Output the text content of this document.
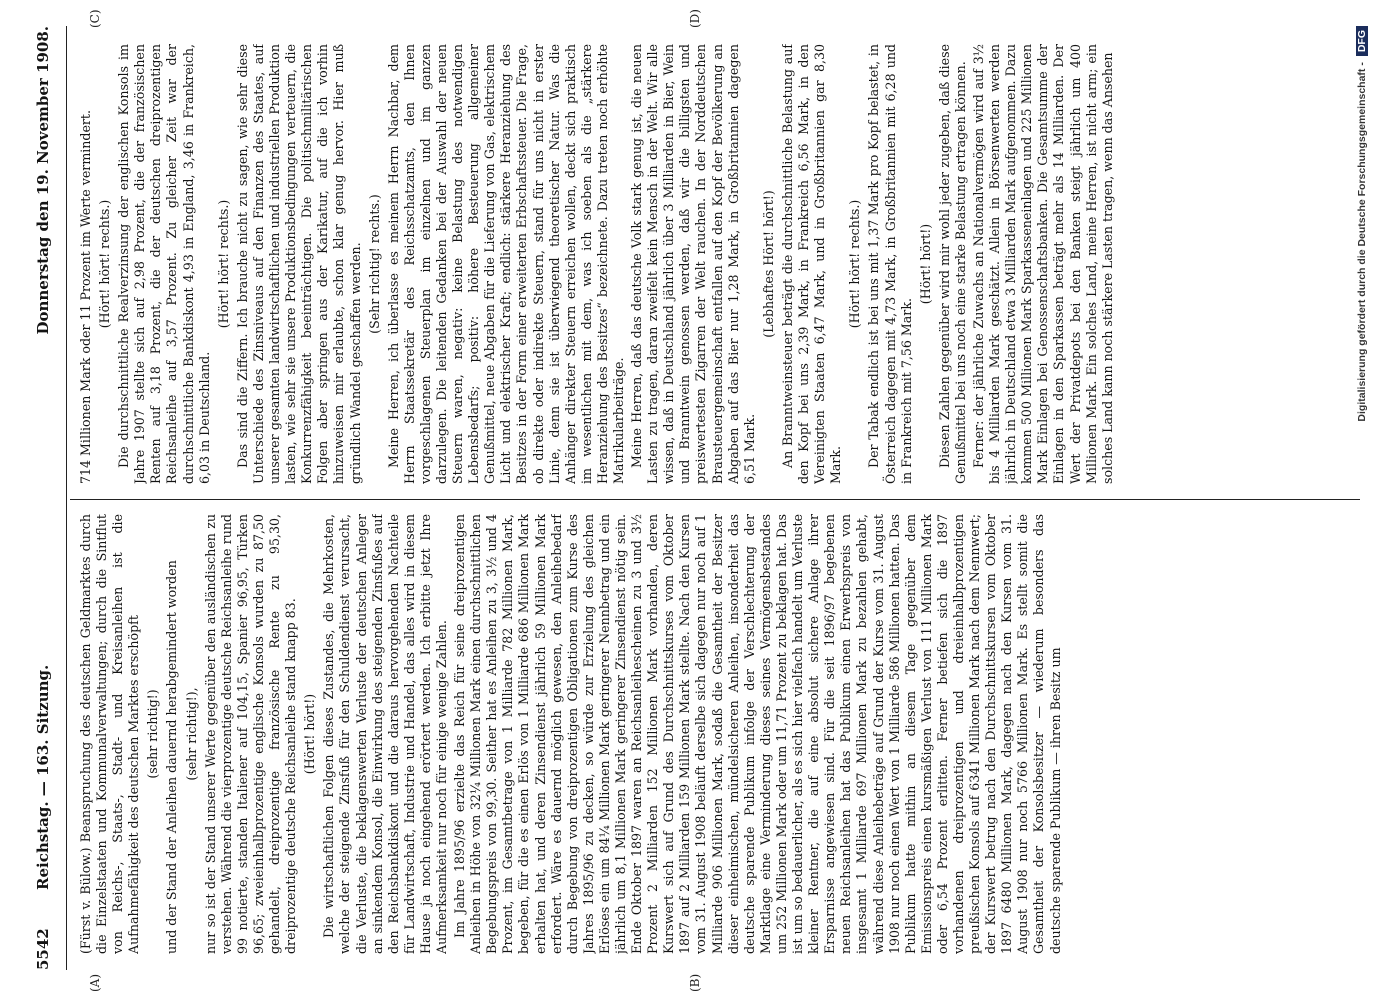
5542
Reichstag. — 163. Sitzung.
Donnerstag den 19. November 1908.
(A)	(B)
(C)	(D)

(Fürst v. Bülow.) Beanspruchung des deutschen Geldmarktes durch die Einzelstaaten und Kommunalverwaltungen; durch die Sintflut von Reichs-, Staats-, Stadt- und Kreisanleihen ist die Aufnahmefähigkeit des deutschen Marktes erschöpft (sehr richtig!) und der Stand der Anleihen dauernd herabgemindert worden (sehr richtig!), nur so ist der Stand unserer Werte gegenüber den ausländischen zu verstehen. Während die vierprozentige deutsche Reichsanleihe rund 99 notierte, standen Italiener auf 104,15, Spanier 96,95, Türken 96,65; zweieinhalbprozentige englische Konsols wurden zu 87,50 gehandelt, dreiprozentige französische Rente zu 95,30, dreiprozentige deutsche Reichsanleihe stand knapp 83. (Hört! hört!) Die wirtschaftlichen Folgen dieses Zustandes, die Mehrkosten, welche der steigende Zinsfuß für den Schuldendienst verursacht, die Verluste, die beklagenswerten Verluste der deutschen Anleger an sinkendem Konsol, die Einwirkung des steigenden Zinsfußes auf den Reichsbankdiskont und die daraus hervorgehenden Nachteile für Landwirtschaft, Industrie und Handel, das alles wird in diesem Hause ja noch eingehend erörtert werden. Ich erbitte jetzt Ihre Aufmerksamkeit nur noch für einige wenige Zahlen. Im Jahre 1895/96 erzielte das Reich für seine dreiprozentigen Anleihen in Höhe von 32¼ Millionen Mark einen durchschnittlichen Begebungspreis von 99,30. Seither hat es Anleihen zu 3, 3½ und 4 Prozent, im Gesamtbetrage von 1 Milliarde 782 Millionen Mark, begeben, für die es einen Erlös von 1 Milliarde 686 Millionen Mark erhalten hat, und deren Zinsendienst jährlich 59 Millionen Mark erfordert. Wäre es dauernd möglich gewesen, den Anleihebedarf durch Begebung von dreiprozentigen Obligationen zum Kurse des Jahres 1895/96 zu decken, so würde zur Erzielung des gleichen Erlöses ein um 84¼ Millionen Mark geringerer Nennbetrag und ein jährlich um 8,1 Millionen Mark geringerer Zinsendienst nötig sein. Ende Oktober 1897 waren an Reichsanleihescheinen zu 3 und 3½ Prozent 2 Milliarden 152 Millionen Mark vorhanden, deren Kurswert sich auf Grund des Durchschnittskurses vom Oktober 1897 auf 2 Milliarden 159 Millionen Mark stellte. Nach den Kursen vom 31. August 1908 beläuft derselbe sich dagegen nur noch auf 1 Milliarde 906 Millionen Mark, sodaß die Gesamtheit der Besitzer dieser einheimischen, mündelsicheren Anleihen, insonderheit das deutsche sparende Publikum infolge der Verschlechterung der Marktlage eine Verminderung dieses seines Vermögensbestandes um 252 Millionen Mark oder um 11,71 Prozent zu beklagen hat. Das ist um so bedauerlicher, als es sich hier vielfach handelt um Verluste kleiner Rentner, die auf eine absolut sichere Anlage ihrer Ersparnisse angewiesen sind. Für die seit 1896/97 begebenen neuen Reichsanleihen hat das Publikum einen Erwerbspreis von insgesamt 1 Milliarde 697 Millionen Mark zu bezahlen gehabt, während diese Anleihebeträge auf Grund der Kurse vom 31. August 1908 nur noch einen Wert von 1 Milliarde 586 Millionen hatten. Das Publikum hatte mithin an diesem Tage gegenüber dem Emissionspreis einen kursmäßigen Verlust von 111 Millionen Mark oder 6,54 Prozent erlitten. Ferner betiefen sich die 1897 vorhandenen dreiprozentigen und dreieinhalbprozentigen preußischen Konsols auf 6341 Millionen Mark nach dem Nennwert; der Kurswert betrug nach den Durchschnittskursen vom Oktober 1897 6480 Millionen Mark, dagegen nach den Kursen vom 31. August 1908 nur noch 5766 Millionen Mark. Es stellt somit die Gesamtheit der Konsolsbesitzer — wiederum besonders das deutsche sparende Publikum — ihren Besitz um

714 Millionen Mark oder 11 Prozent im Werte vermindert. (Hört! hört! rechts.) Die durchschnittliche Realverzinsung der englischen Konsols im Jahre 1907 stellte sich auf 2,98 Prozent, die der französischen Renten auf 3,18 Prozent, die der deutschen dreiprozentigen Reichsanleihe auf 3,57 Prozent. Zu gleicher Zeit war der durchschnittliche Bankdiskont 4,93 in England, 3,46 in Frankreich, 6,03 in Deutschland.

(Hört! hört! rechts.) Das sind die Ziffern. Ich brauche nicht zu sagen, wie sehr diese Unterschiede des Zinsniveaus auf den Finanzen des Staates, auf unserer gesamten landwirtschaftlichen und industriellen Produktion lasten, wie sehr sie unsere Produktionsbedingungen verteuern, die Konkurrenzfähigkeit beeinträchtigen. Die politischmilitärischen Folgen aber springen aus der Karikatur, auf die ich vorhin hinzuweisen mir erlaubte, schon klar genug hervor. Hier muß gründlich Wandel geschaffen werden. (Sehr richtig! rechts.) Meine Herren, ich überlasse es meinem Herrn Nachbar, dem Herrn Staatssekretär des Reichsschatzamts, den Ihnen vorgeschlagenen Steuerplan im einzelnen und im ganzen darzulegen. Die leitenden Gedanken bei der Auswahl der neuen Steuern waren, negativ: keine Belastung des notwendigen Lebensbedarfs; positiv: höhere Besteuerung allgemeiner Genußmittel, neue Abgaben für die Lieferung von Gas, elektrischem Licht und elektrischer Kraft; endlich: stärkere Heranziehung des Besitzes in der Form einer erweiterten Erbschaftssteuer. Die Frage, ob direkte oder indirekte Steuern, stand für uns nicht in erster Linie, denn sie ist überwiegend theoretischer Natur. Was die Anhänger direkter Steuern erreichen wollen, deckt sich praktisch im wesentlichen mit dem, was ich soeben als die „stärkere Heranziehung des Besitzes“ bezeichnete. Dazu treten noch erhöhte Matrikularbeiträge. Meine Herren, daß das deutsche Volk stark genug ist, die neuen Lasten zu tragen, daran zweifelt kein Mensch in der Welt. Wir alle wissen, daß in Deutschland jährlich über 3 Milliarden in Bier, Wein und Branntwein genossen werden, daß wir die billigsten und preiswertesten Zigarren der Welt rauchen. In der Norddeutschen Brausteuergemeinschaft entfallen auf den Kopf der Bevölkerung an Abgaben auf das Bier nur 1,28 Mark, in Großbritannien dagegen 6,51 Mark.

(Lebhaftes Hört! hört!) An Branntweinsteuer beträgt die durchschnittliche Belastung auf den Kopf bei uns 2,39 Mark, in Frankreich 6,56 Mark, in den Vereinigten Staaten 6,47 Mark, und in Großbritannien gar 8,30 Mark.

(Hört! hört! rechts.) Der Tabak endlich ist bei uns mit 1,37 Mark pro Kopf belastet, in Österreich dagegen mit 4,73 Mark, in Großbritannien mit 6,28 und in Frankreich mit 7,56 Mark.

(Hört! hört!) Diesen Zahlen gegenüber wird mir wohl jeder zugeben, daß diese Genußmittel bei uns noch eine starke Belastung ertragen können. Ferner: der jährliche Zuwachs an Nationalvermögen wird auf 3½ bis 4 Milliarden Mark geschätzt. Allein in Börsenwerten werden jährlich in Deutschland etwa 3 Milliarden Mark aufgenommen. Dazu kommen 500 Millionen Mark Sparkasseneinlagen und 225 Millionen Mark Einlagen bei Genossenschaftsbanken. Die Gesamtsumme der Einlagen in den Sparkassen beträgt mehr als 14 Milliarden. Der Wert der Privatdepots bei den Banken steigt jährlich um 400 Millionen Mark. Ein solches Land, meine Herren, ist nicht arm; ein solches Land kann noch stärkere Lasten tragen, wenn das Ansehen	Digitalisierung gefördert durch die Deutsche Forschungsgemeinschaft -DFG
